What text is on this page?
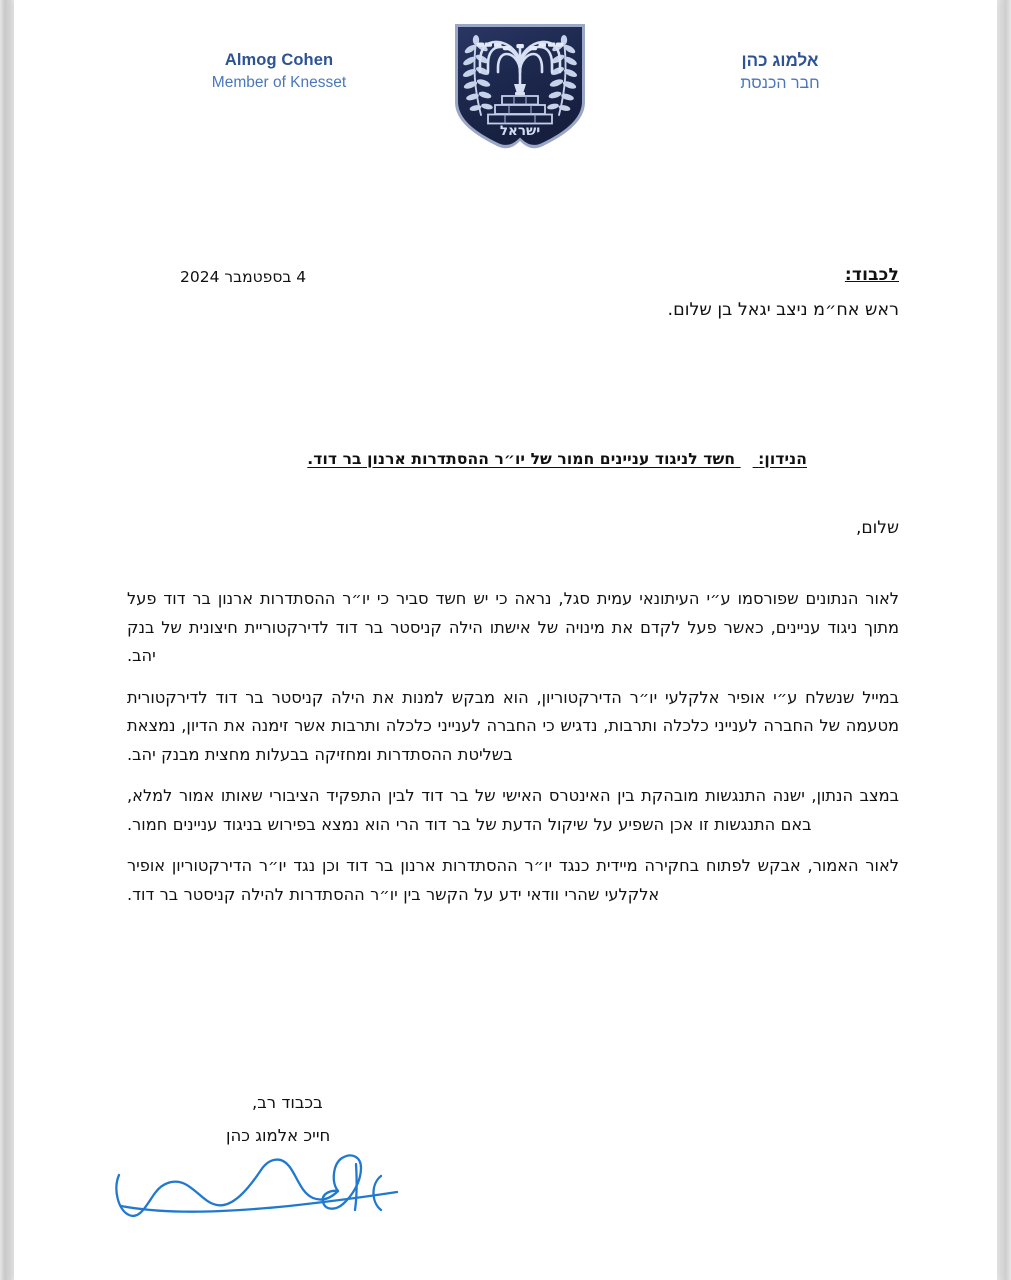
Almog Cohen
Member of Knesset
ישראל
אלמוג כהן
חבר הכנסת
לכבוד:
4 בספטמבר 2024
ראש אח״מ ניצב יגאל בן שלום.
הנידון:  חשד לניגוד עניינים חמור של יו״ר ההסתדרות ארנון בר דוד.
שלום,

לאור הנתונים שפורסמו ע״י העיתונאי עמית סגל, נראה כי יש חשד סביר כי יו״ר ההסתדרות ארנון בר דוד פעל מתוך ניגוד עניינים, כאשר פעל לקדם את מינויה של אישתו הילה קניסטר בר דוד לדירקטוריית חיצונית של בנק יהב.

במייל שנשלח ע״י אופיר אלקלעי יו״ר הדירקטוריון, הוא מבקש למנות את הילה קניסטר בר דוד לדירקטורית מטעמה של החברה לענייני כלכלה ותרבות, נדגיש כי החברה לענייני כלכלה ותרבות אשר זימנה את הדיון, נמצאת בשליטת ההסתדרות ומחזיקה בבעלות מחצית מבנק יהב.

במצב הנתון, ישנה התנגשות מובהקת בין האינטרס האישי של בר דוד לבין התפקיד הציבורי שאותו אמור למלא, באם התנגשות זו אכן השפיע על שיקול הדעת של בר דוד הרי הוא נמצא בפירוש בניגוד עניינים חמור.

לאור האמור, אבקש לפתוח בחקירה מיידית כנגד יו״ר ההסתדרות ארנון בר דוד וכן נגד יו״ר הדירקטוריון אופיר אלקלעי שהרי וודאי ידע על הקשר בין יו״ר ההסתדרות להילה קניסטר בר דוד.

בכבוד רב,
חייכ אלמוג כהן
